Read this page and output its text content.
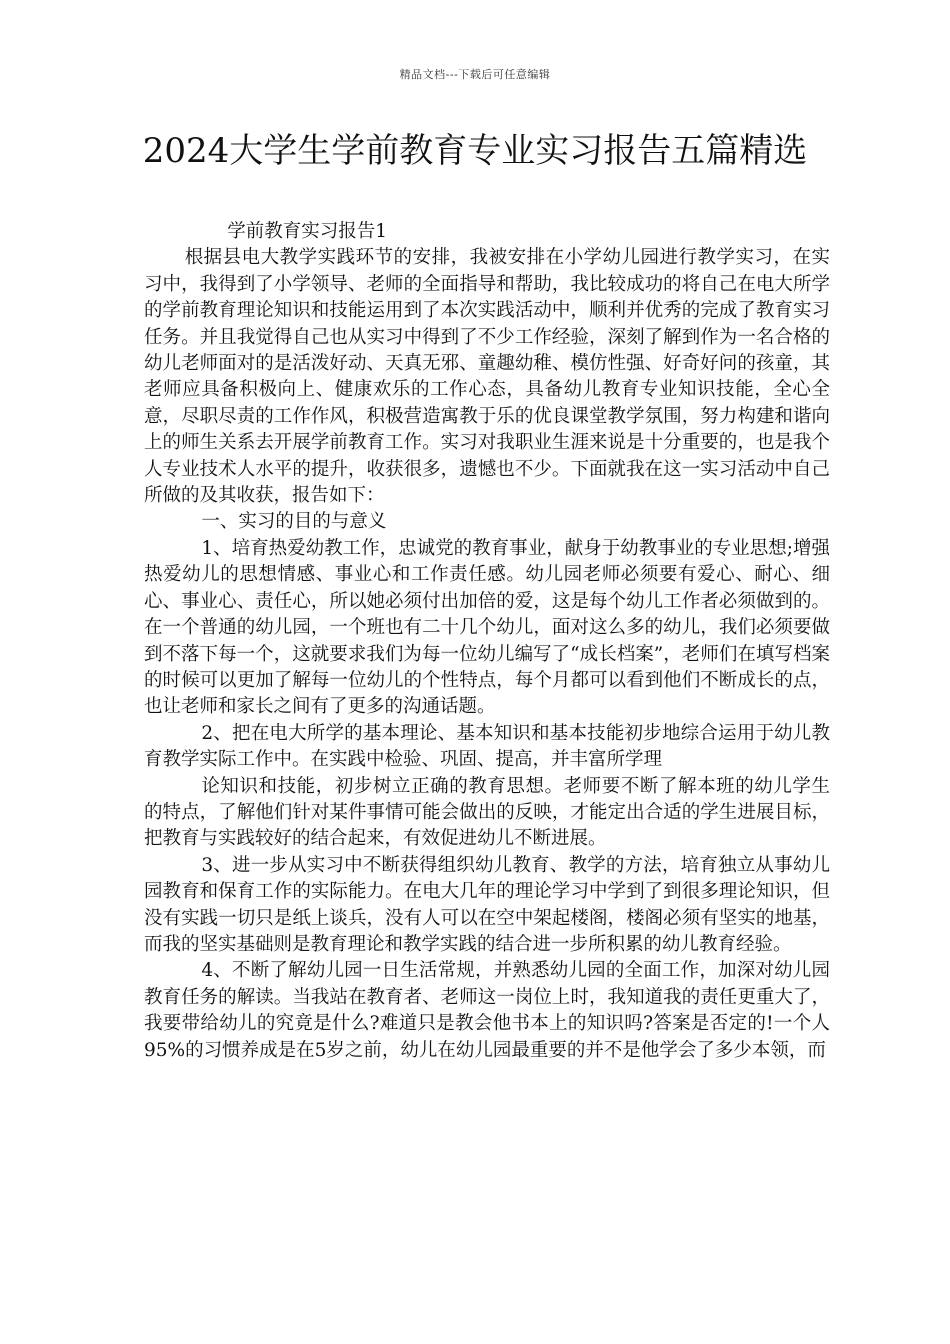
精品文档---下载后可任意编辑
2024大学生学前教育专业实习报告五篇精选

学前教育实习报告1

根据县电大教学实践环节的安排，我被安排在小学幼儿园进行教学实习，在实习中，我得到了小学领导、老师的全面指导和帮助，我比较成功的将自己在电大所学的学前教育理论知识和技能运用到了本次实践活动中，顺利并优秀的完成了教育实习任务。并且我觉得自己也从实习中得到了不少工作经验，深刻了解到作为一名合格的幼儿老师面对的是活泼好动、天真无邪、童趣幼稚、模仿性强、好奇好问的孩童，其老师应具备积极向上、健康欢乐的工作心态，具备幼儿教育专业知识技能，全心全意，尽职尽责的工作作风，积极营造寓教于乐的优良课堂教学氛围，努力构建和谐向上的师生关系去开展学前教育工作。实习对我职业生涯来说是十分重要的，也是我个人专业技术人水平的提升，收获很多，遗憾也不少。下面就我在这一实习活动中自己所做的及其收获，报告如下：

一、实习的目的与意义

1、培育热爱幼教工作，忠诚党的教育事业，献身于幼教事业的专业思想;增强热爱幼儿的思想情感、事业心和工作责任感。幼儿园老师必须要有爱心、耐心、细心、事业心、责任心，所以她必须付出加倍的爱，这是每个幼儿工作者必须做到的。在一个普通的幼儿园，一个班也有二十几个幼儿，面对这么多的幼儿，我们必须要做到不落下每一个，这就要求我们为每一位幼儿编写了“成长档案”，老师们在填写档案的时候可以更加了解每一位幼儿的个性特点，每个月都可以看到他们不断成长的点，也让老师和家长之间有了更多的沟通话题。

2、把在电大所学的基本理论、基本知识和基本技能初步地综合运用于幼儿教育教学实际工作中。在实践中检验、巩固、提高，并丰富所学理

论知识和技能，初步树立正确的教育思想。老师要不断了解本班的幼儿学生的特点，了解他们针对某件事情可能会做出的反映，才能定出合适的学生进展目标，把教育与实践较好的结合起来，有效促进幼儿不断进展。

3、进一步从实习中不断获得组织幼儿教育、教学的方法，培育独立从事幼儿园教育和保育工作的实际能力。在电大几年的理论学习中学到了到很多理论知识，但没有实践一切只是纸上谈兵，没有人可以在空中架起楼阁，楼阁必须有坚实的地基，而我的坚实基础则是教育理论和教学实践的结合进一步所积累的幼儿教育经验。

4、不断了解幼儿园一日生活常规，并熟悉幼儿园的全面工作，加深对幼儿园教育任务的解读。当我站在教育者、老师这一岗位上时，我知道我的责任更重大了，我要带给幼儿的究竟是什么?难道只是教会他书本上的知识吗?答案是否定的!一个人95%的习惯养成是在5岁之前，幼儿在幼儿园最重要的并不是他学会了多少本领，而
